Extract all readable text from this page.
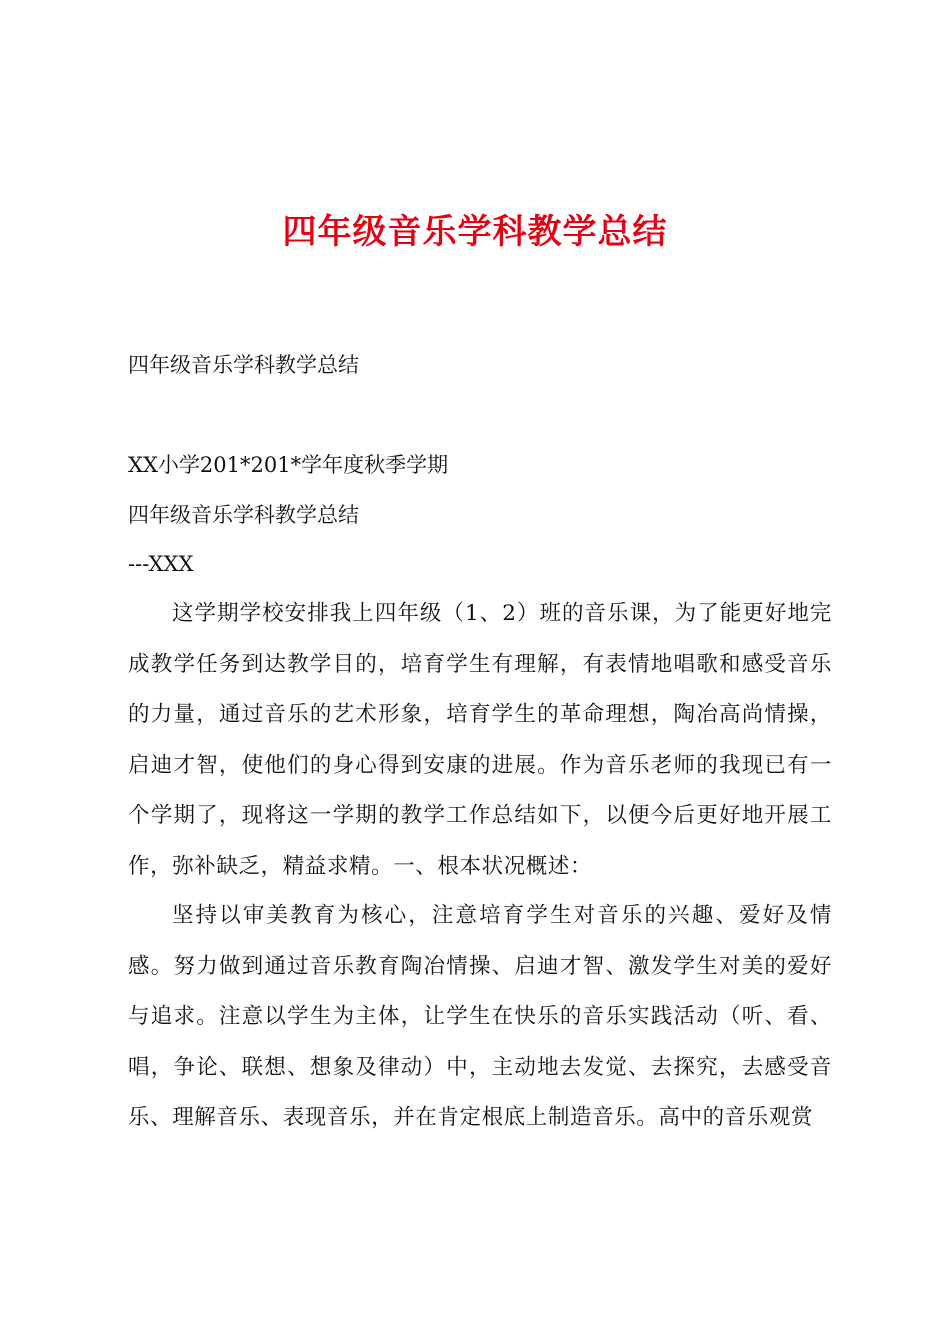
四年级音乐学科教学总结

四年级音乐学科教学总结

XX小学201*201*学年度秋季学期

四年级音乐学科教学总结

---XXX

这学期学校安排我上四年级（1、2）班的音乐课，为了能更好地完成教学任务到达教学目的，培育学生有理解，有表情地唱歌和感受音乐的力量，通过音乐的艺术形象，培育学生的革命理想，陶冶高尚情操，启迪才智，使他们的身心得到安康的进展。作为音乐老师的我现已有一个学期了，现将这一学期的教学工作总结如下，以便今后更好地开展工作，弥补缺乏，精益求精。一、根本状况概述：

坚持以审美教育为核心，注意培育学生对音乐的兴趣、爱好及情感。努力做到通过音乐教育陶冶情操、启迪才智、激发学生对美的爱好与追求。注意以学生为主体，让学生在快乐的音乐实践活动（听、看、唱，争论、联想、想象及律动）中，主动地去发觉、去探究，去感受音乐、理解音乐、表现音乐，并在肯定根底上制造音乐。高中的音乐观赏
